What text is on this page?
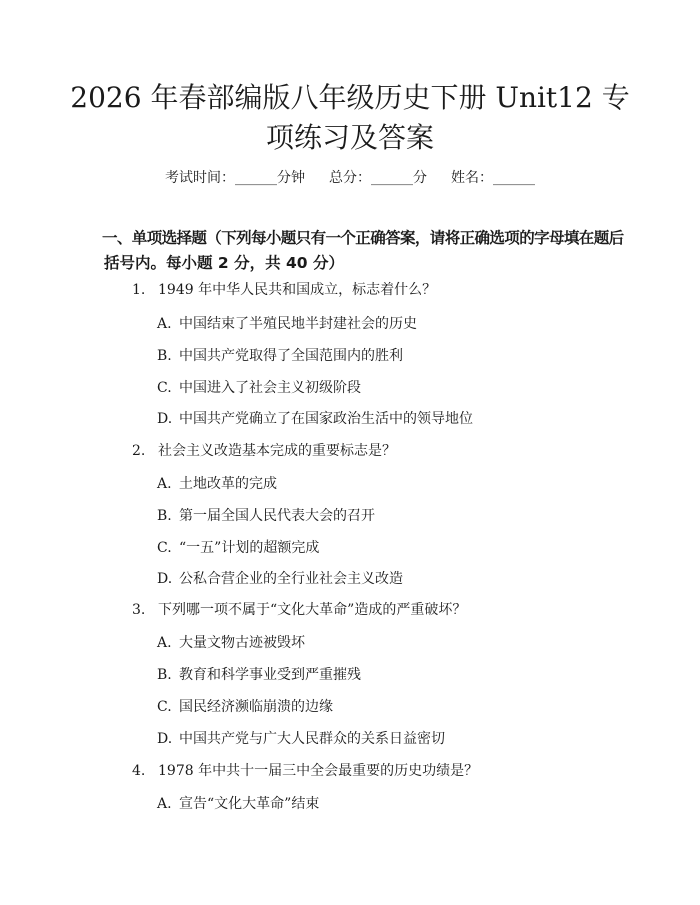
2026 年春部编版八年级历史下册 Unit12 专
项练习及答案
考试时间：______分钟 总分：______分 姓名：______
一、单项选择题（下列每小题只有一个正确答案，请将正确选项的字母填在题后
括号内。每小题 2 分，共 40 分）
1. 1949 年中华人民共和国成立，标志着什么？
A. 中国结束了半殖民地半封建社会的历史
B. 中国共产党取得了全国范围内的胜利
C. 中国进入了社会主义初级阶段
D. 中国共产党确立了在国家政治生活中的领导地位
2. 社会主义改造基本完成的重要标志是？
A. 土地改革的完成
B. 第一届全国人民代表大会的召开
C. “一五”计划的超额完成
D. 公私合营企业的全行业社会主义改造
3. 下列哪一项不属于“文化大革命”造成的严重破坏？
A. 大量文物古迹被毁坏
B. 教育和科学事业受到严重摧残
C. 国民经济濒临崩溃的边缘
D. 中国共产党与广大人民群众的关系日益密切
4. 1978 年中共十一届三中全会最重要的历史功绩是？
A. 宣告“文化大革命”结束
